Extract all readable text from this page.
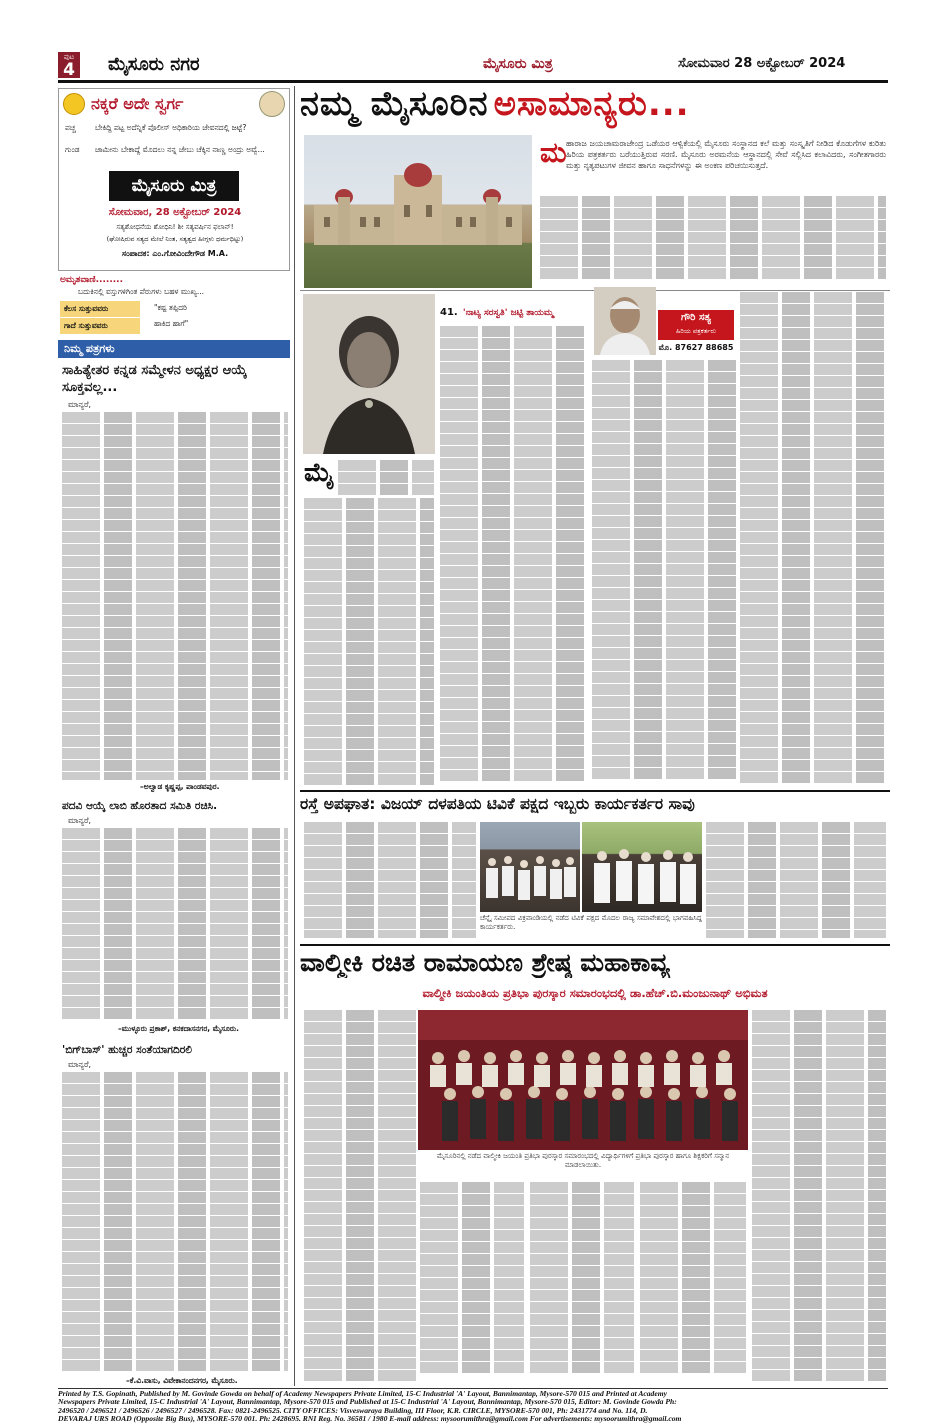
ಪುಟ
4 ಮೈಸೂರು ನಗರ	ಮೈಸೂರು ಮಿತ್ರ	ಸೋಮವಾರ 28 ಅಕ್ಟೋಬರ್ 2024
ನಕ್ಕರೆ ಅದೇ ಸ್ವರ್ಗ
ಪಚ್ಚ	ಬೇಕಿದ್ದಿ ಪಟ್ಟ ಅದೆನ್ನಿಕೆ ಪೊಲೀಸ್ ಅಧಿಕಾರಿಯ ಜೇವನದಲ್ಲಿ ಜಟ್ಟೆ?
ಗುಂಡ ಜಾಮೀನು ಬೇಕಾದ್ದೆ ಮೊದಲು ನನ್ನ ಜೇಬು ಚೆಕ್ಕಿನ ನಾಣ್ಣ ಅಂದ್ರು ಅವ್ವೆ...
ಮೈಸೂರು ಮಿತ್ರ
ಸೋಮವಾರ, 28 ಅಕ್ಟೋಬರ್ 2024
ಸತ್ಯಶೋಧನೆಯ ಶೋಧಿನಿ! ಶೀ ಸತ್ಯವರ್ಷಿನ ಫಲಾನ್!
(ಘೋಷಿರುವ ಸತ್ಯದ ಮೇಲೆ ನಿಂತ, ಸತ್ಯತ್ವದ ಹೀಗ್ಗಳು ಧರ್ಮಧಿಟ್ಟು)
ಸಂಪಾದಕ: ಎಂ.ಗೋವಿಂದೇಗೌಡ M.A.
ಅಮೃತವಾಣಿ........
ಬದುಕಿನಲ್ಲಿ ವಸ್ತುಗಳಿಗಿಂತ ಪೆರುಗಳು ಬಹಳ ಮುಖ್ಯ...
ಕೆಲಸ ಸುತ್ತುವವರು
ಗಾದೆ ಸುತ್ತುವವರು
"ಕಷ್ಟ ತಪ್ಪಿದರಿ
ಹಾಕಿದ ಹಾಗೆ"
ನಿಮ್ಮ ಪತ್ರಗಳು
ಸಾಹಿತ್ಯೇತರ ಕನ್ನಡ ಸಮ್ಮೇಳನ ಅಧ್ಯಕ್ಷರ ಆಯ್ಕೆ ಸೂಕ್ತವಲ್ಲ...
ಮಾನ್ಯರೆ,
–ಅಲ್ವಾಡ ಕೃಷ್ಣಪ್ಪ, ಪಾಂಡವಪುರ.
ಪದವಿ ಆಯ್ಕೆ ಲಾಬಿ ಹೊರತಾದ ಸಮಿತಿ ರಚಿಸಿ.
ಮಾನ್ಯರೆ,
–ಮುಳ್ಳೂರು ಪ್ರಕಾಶ್, ಕನಕದಾಸನಗರ, ಮೈಸೂರು.
'ಬಿಗ್‌ಬಾಸ್' ಹುಚ್ಚರ ಸಂತೆಯಾಗದಿರಲಿ
ಮಾನ್ಯರೆ,
–ಕೆ.ವಿ.ವಾಸು, ವಿವೇಕಾನಂದನಗರ, ಮೈಸೂರು.
ನಮ್ಮ ಮೈಸೂರಿನ ಅಸಾಮಾನ್ಯರು...
ಮ ಹಾರಾಜ ಜಯಚಾಮರಾಜೇಂದ್ರ ಒಡೆಯರ ಆಳ್ವಿಕೆಯಲ್ಲಿ ಮೈಸೂರು ಸಂಸ್ಥಾನದ ಕಲೆ ಮತ್ತು ಸಂಸ್ಕೃತಿಗೆ ನೀಡಿದ ಕೊಡುಗೆಗಳ ಕುರಿತು ಹಿರಿಯ ಪತ್ರಕರ್ತರು ಬರೆಯುತ್ತಿರುವ ಸರಣಿ. ಮೈಸೂರು ಅರಮನೆಯ ಆಸ್ಥಾನದಲ್ಲಿ ಸೇವೆ ಸಲ್ಲಿಸಿದ ಕಲಾವಿದರು, ಸಂಗೀತಗಾರರು ಮತ್ತು ನೃತ್ಯಪಟುಗಳ ಜೀವನ ಹಾಗೂ ಸಾಧನೆಗಳನ್ನು ಈ ಅಂಕಣ ಪರಿಚಯಿಸುತ್ತದೆ.
ಮೈ
41. 'ನಾಟ್ಯ ಸರಸ್ವತಿ' ಜಟ್ಟಿ ತಾಯಮ್ಮ	ಗೌರಿ ಸತ್ಯ
ಹಿರಿಯ ಪತ್ರಕರ್ತರು
ಮೊ. 87627 88685
ರಸ್ತೆ ಅಪಘಾತ: ವಿಜಯ್ ದಳಪತಿಯ ಟಿವಿಕೆ ಪಕ್ಷದ ಇಬ್ಬರು ಕಾರ್ಯಕರ್ತರ ಸಾವು
ಚೆನ್ನೈ ಸಮೀಪದ ವಿಕ್ರವಾಂಡಿಯಲ್ಲಿ ನಡೆದ ಟಿವಿಕೆ ಪಕ್ಷದ ಮೊದಲ ರಾಜ್ಯ ಸಮಾವೇಶದಲ್ಲಿ ಭಾಗವಹಿಸಿದ್ದ ಕಾರ್ಯಕರ್ತರು.
ವಾಲ್ಮೀಕಿ ರಚಿತ ರಾಮಾಯಣ ಶ್ರೇಷ್ಠ ಮಹಾಕಾವ್ಯ
ವಾಲ್ಮೀಕಿ ಜಯಂತಿಯ ಪ್ರತಿಭಾ ಪುರಸ್ಕಾರ ಸಮಾರಂಭದಲ್ಲಿ ಡಾ.ಹೆಚ್.ಬಿ.ಮಂಜುನಾಥ್ ಅಭಿಮತ
ಮೈಸೂರಿನಲ್ಲಿ ನಡೆದ ವಾಲ್ಮೀಕಿ ಜಯಂತಿ ಪ್ರತಿಭಾ ಪುರಸ್ಕಾರ ಸಮಾರಂಭದಲ್ಲಿ ವಿದ್ಯಾರ್ಥಿಗಳಿಗೆ ಪ್ರತಿಭಾ ಪುರಸ್ಕಾರ ಹಾಗೂ ಶಿಕ್ಷಕರಿಗೆ ಸನ್ಮಾನ ಮಾಡಲಾಯಿತು.
Printed by T.S. Gopinath, Published by M. Govinde Gowda on behalf of Academy Newspapers Private Limited, 15-C Industrial 'A' Layout, Bannimantap, Mysore-570 015 and Printed at Academy
Newspapers Private Limited, 15-C Industrial 'A' Layout, Bannimantap, Mysore-570 015 and Published at 15-C Industrial 'A' Layout, Bannimantap, Mysore-570 015, Editor: M. Govinde Gowda Ph:
2496520 / 2496521 / 2496526 / 2496527 / 2496528. Fax: 0821-2496525. CITY OFFICES: Visveswaraya Building, III Floor, K.R. CIRCLE, MYSORE-570 001, Ph: 2431774 and No. 114, D.
DEVARAJ URS ROAD (Opposite Big Bus), MYSORE-570 001. Ph: 2428695. RNI Reg. No. 36581 / 1980 E-mail address: mysoorumithra@gmail.com For advertisements: mysoorumithra@gmail.com
